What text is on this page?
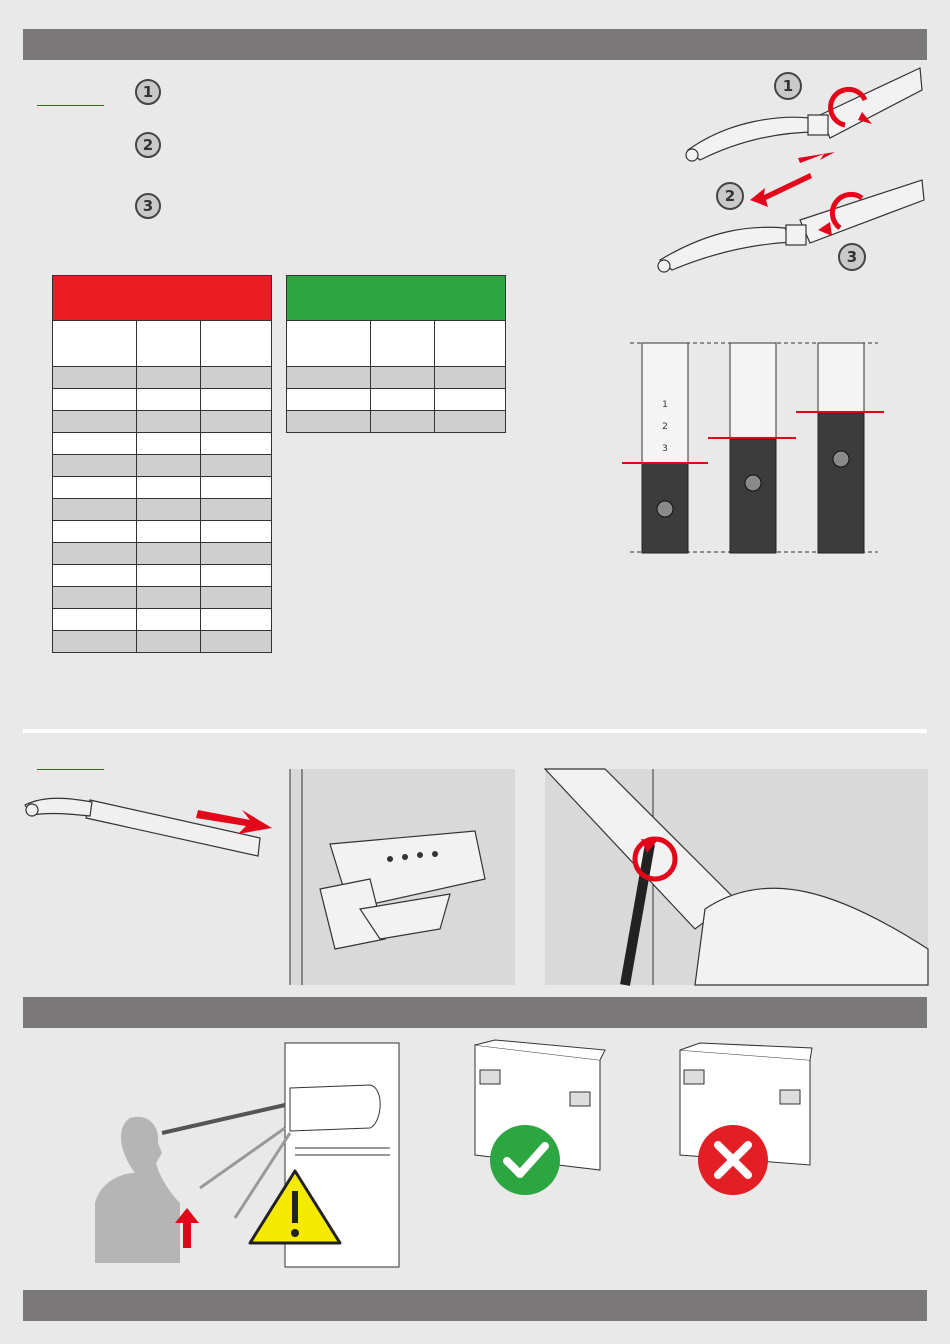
1
2
3

1
2
3
1
2
3
